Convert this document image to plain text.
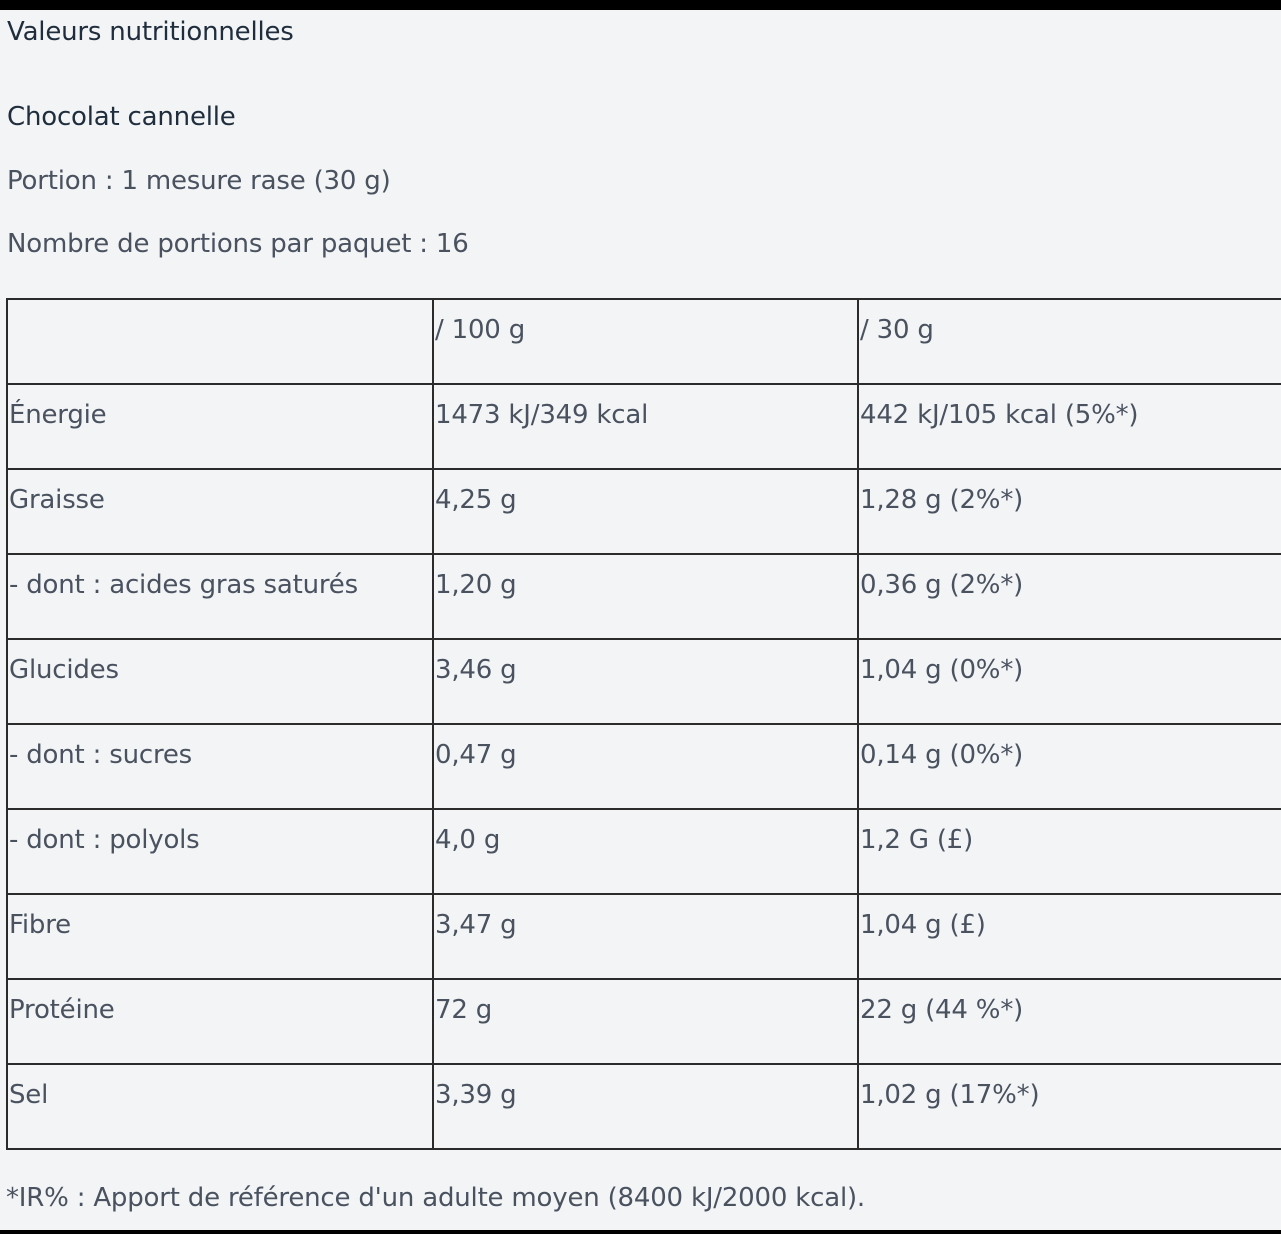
Valeurs nutritionnelles
Chocolat cannelle

Portion : 1 mesure rase (30 g)

Nombre de portions par paquet : 16

	/ 100 g	/ 30 g

Énergie	1473 kJ/349 kcal	442 kJ/105 kcal (5%*)

Graisse	4,25 g	1,28 g (2%*)

- dont : acides gras saturés	1,20 g	0,36 g (2%*)

Glucides	3,46 g	1,04 g (0%*)

- dont : sucres	0,47 g	0,14 g (0%*)

- dont : polyols	4,0 g	1,2 G (£)

Fibre	3,47 g	1,04 g (£)

Protéine	72 g	22 g (44 %*)

Sel	3,39 g	1,02 g (17%*)

*IR% : Apport de référence d'un adulte moyen (8400 kJ/2000 kcal).
